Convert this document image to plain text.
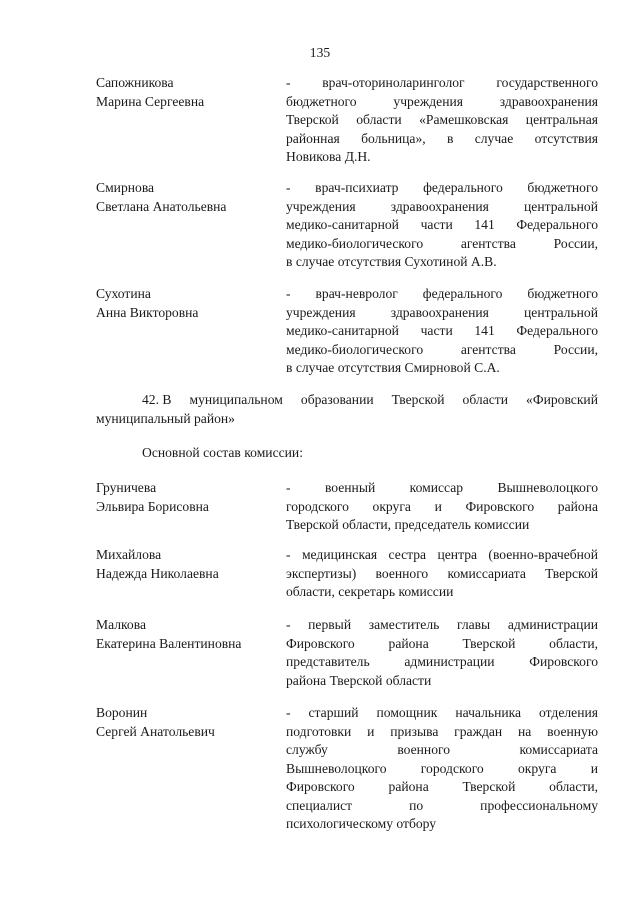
135
Сапожникова
Марина Сергеевна
- врач-оториноларинголог государственного
бюджетного учреждения здравоохранения
Тверской области «Рамешковская центральная
районная больница», в случае отсутствия
Новикова Д.Н.
Смирнова
Светлана Анатольевна
- врач-психиатр федерального бюджетного
учреждения здравоохранения центральной
медико-санитарной части 141 Федерального
медико-биологического агентства России,
в случае отсутствия Сухотиной А.В.
Сухотина
Анна Викторовна
- врач-невролог федерального бюджетного
учреждения здравоохранения центральной
медико-санитарной части 141 Федерального
медико-биологического агентства России,
в случае отсутствия Смирновой С.А.
42. В муниципальном образовании Тверской области «Фировский
муниципальный район»
Основной состав комиссии:
Груничева
Эльвира Борисовна
- военный комиссар Вышневолоцкого
городского округа и Фировского района
Тверской области, председатель комиссии
Михайлова
Надежда Николаевна
- медицинская сестра центра (военно-врачебной
экспертизы) военного комиссариата Тверской
области, секретарь комиссии
Малкова
Екатерина Валентиновна
- первый заместитель главы администрации
Фировского района Тверской области,
представитель администрации Фировского
района Тверской области
Воронин
Сергей Анатольевич
- старший помощник начальника отделения
подготовки и призыва граждан на военную
службу военного комиссариата
Вышневолоцкого городского округа и
Фировского района Тверской области,
специалист по профессиональному
психологическому отбору
